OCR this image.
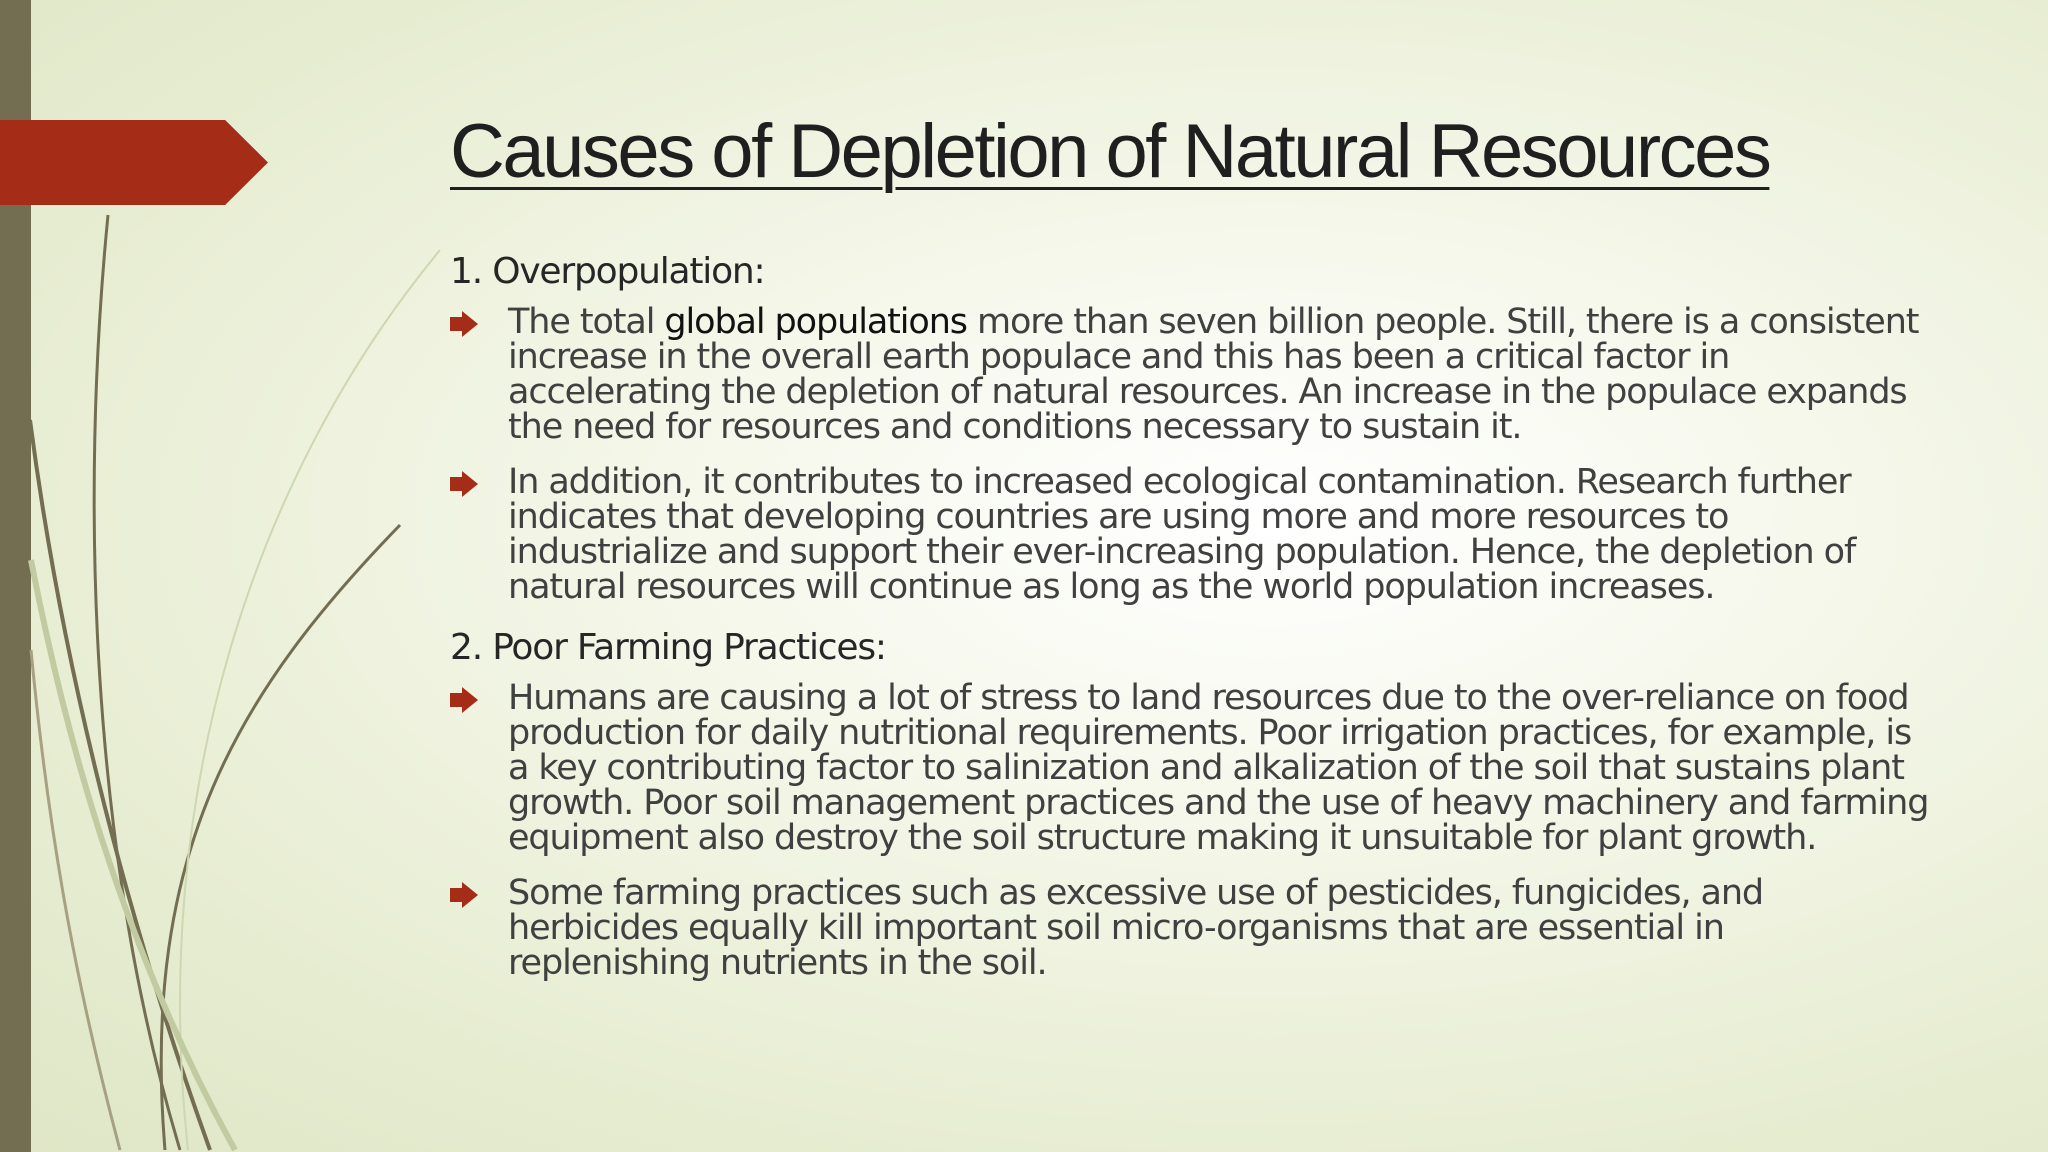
Causes of Depletion of Natural Resources
1. Overpopulation:

The total global populations more than seven billion people. Still, there is a consistent increase in the overall earth populace and this has been a critical factor in accelerating the depletion of natural resources. An increase in the populace expands the need for resources and conditions necessary to sustain it.

In addition, it contributes to increased ecological contamination. Research further indicates that developing countries are using more and more resources to industrialize and support their ever-increasing population. Hence, the depletion of natural resources will continue as long as the world population increases.

2. Poor Farming Practices:

Humans are causing a lot of stress to land resources due to the over-reliance on food production for daily nutritional requirements. Poor irrigation practices, for example, is a key contributing factor to salinization and alkalization of the soil that sustains plant growth. Poor soil management practices and the use of heavy machinery and farming equipment also destroy the soil structure making it unsuitable for plant growth.

Some farming practices such as excessive use of pesticides, fungicides, and herbicides equally kill important soil micro-organisms that are essential in replenishing nutrients in the soil.
